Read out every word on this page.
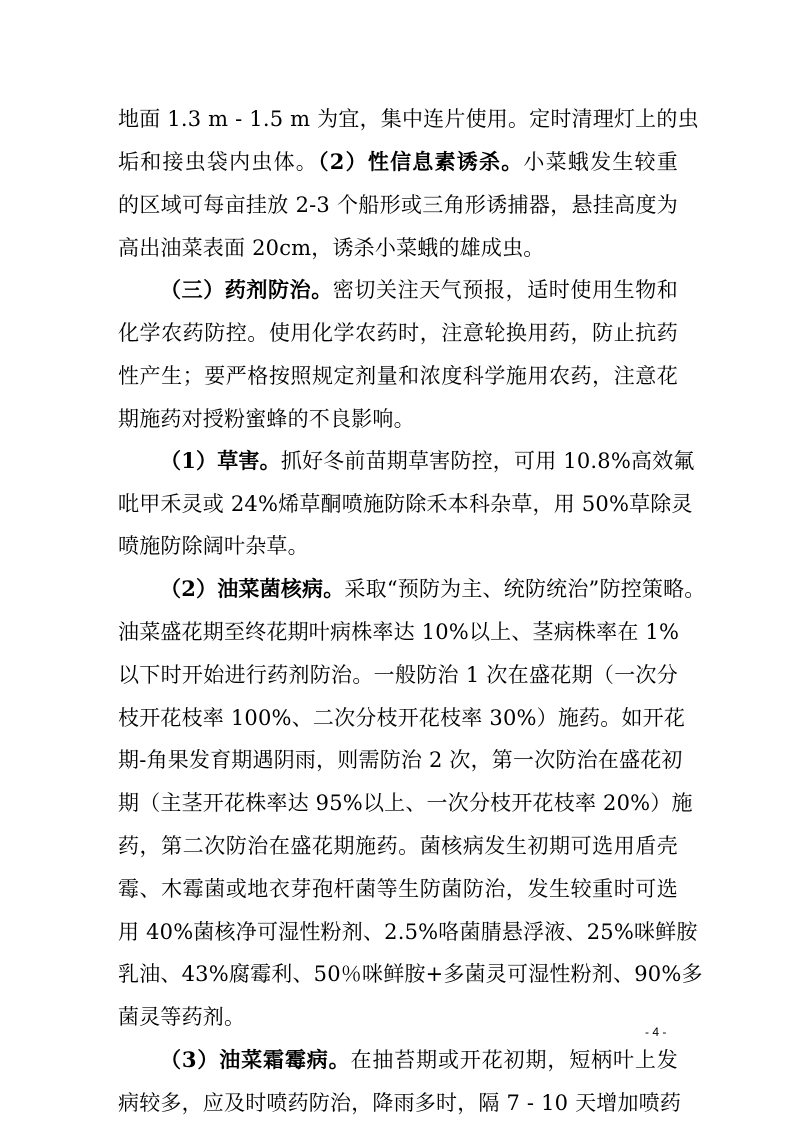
地面 1.3 m - 1.5 m 为宜，集中连片使用。定时清理灯上的虫
垢和接虫袋内虫体。（2）性信息素诱杀。小菜蛾发生较重
的区域可每亩挂放 2-3 个船形或三角形诱捕器，悬挂高度为
高出油菜表面 20cm，诱杀小菜蛾的雄成虫。
（三）药剂防治。密切关注天气预报，适时使用生物和
化学农药防控。使用化学农药时，注意轮换用药，防止抗药
性产生；要严格按照规定剂量和浓度科学施用农药，注意花
期施药对授粉蜜蜂的不良影响。
（1）草害。抓好冬前苗期草害防控，可用 10.8%高效氟
吡甲禾灵或 24%烯草酮喷施防除禾本科杂草，用 50%草除灵
喷施防除阔叶杂草。
（2）油菜菌核病。采取“预防为主、统防统治”防控策略。
油菜盛花期至终花期叶病株率达 10%以上、茎病株率在 1%
以下时开始进行药剂防治。一般防治 1 次在盛花期（一次分
枝开花枝率 100%、二次分枝开花枝率 30%）施药。如开花
期-角果发育期遇阴雨，则需防治 2 次，第一次防治在盛花初
期（主茎开花株率达 95%以上、一次分枝开花枝率 20%）施
药，第二次防治在盛花期施药。菌核病发生初期可选用盾壳
霉、木霉菌或地衣芽孢杆菌等生防菌防治，发生较重时可选
用 40%菌核净可湿性粉剂、2.5%咯菌腈悬浮液、25%咪鲜胺
乳油、43%腐霉利、50％咪鲜胺+多菌灵可湿性粉剂、90%多
菌灵等药剂。
（3）油菜霜霉病。在抽苔期或开花初期，短柄叶上发
病较多，应及时喷药防治，降雨多时，隔 7 - 10 天增加喷药
- 4 -
